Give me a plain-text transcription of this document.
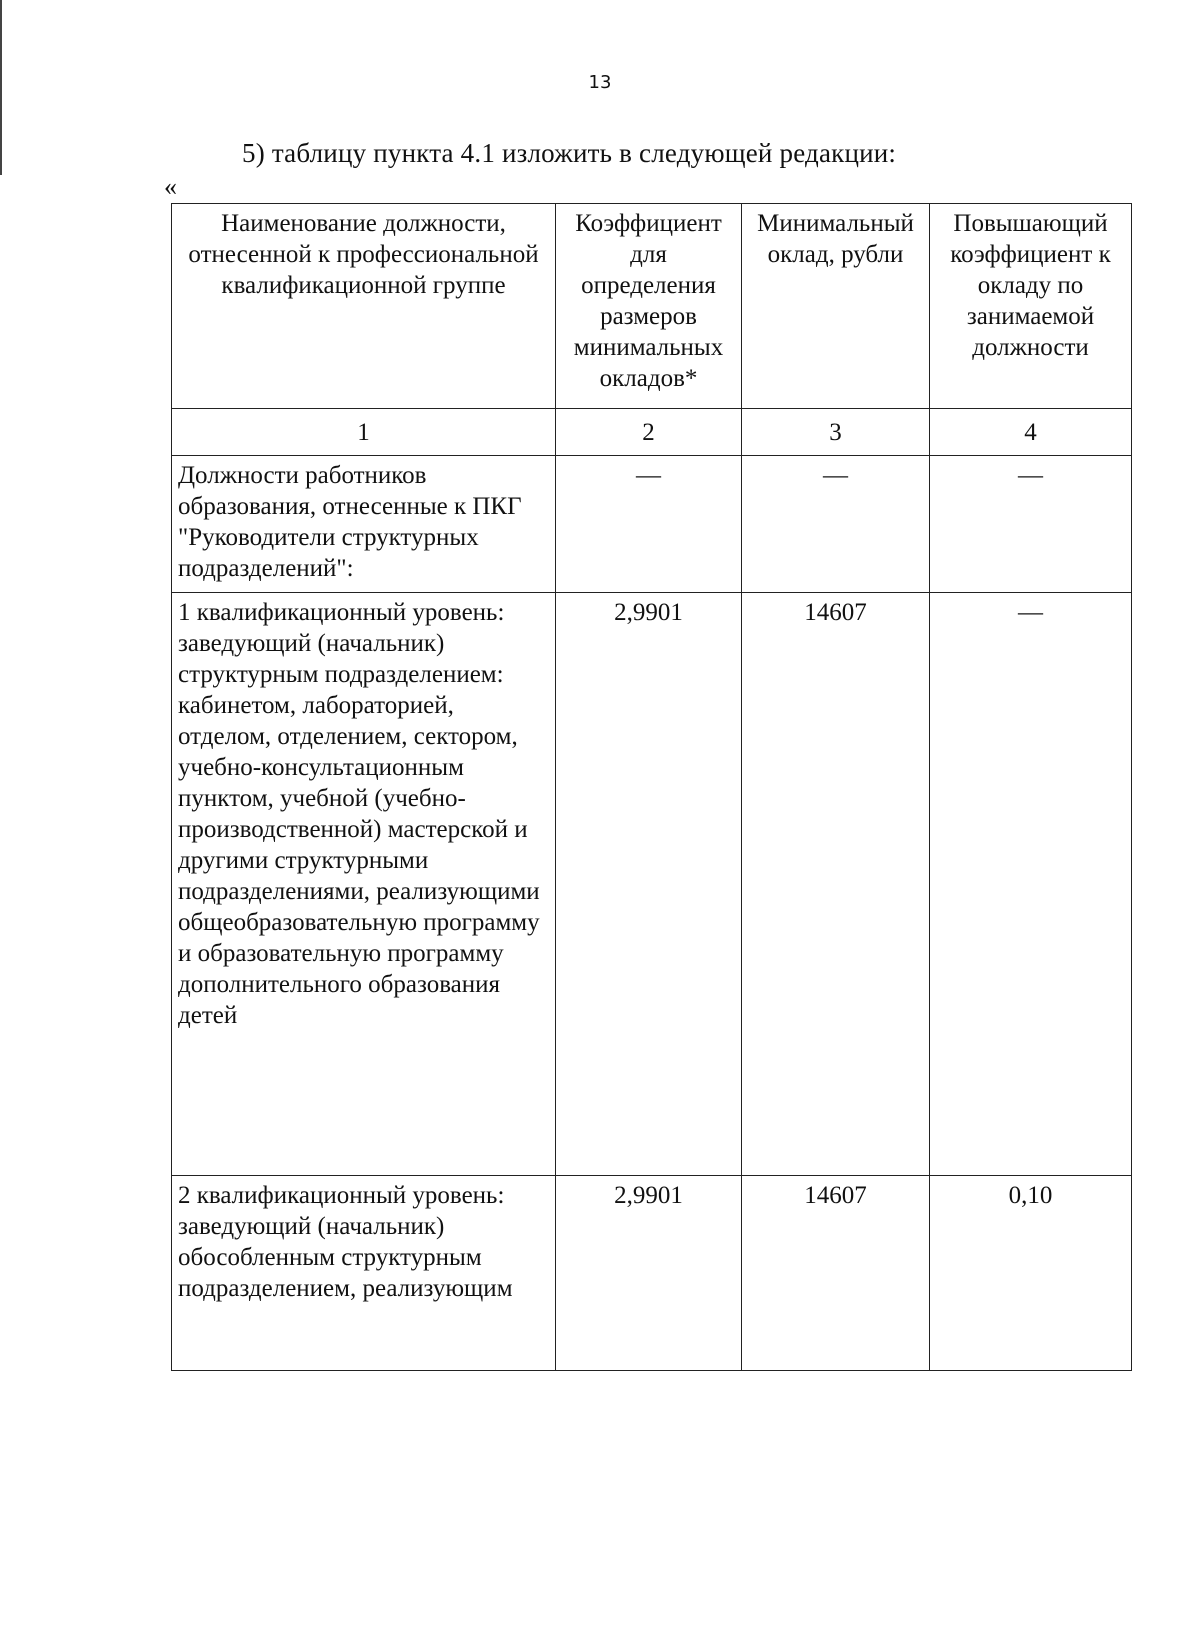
13
5) таблицу пункта 4.1 изложить в следующей редакции:
«
Наименование должности, отнесенной к профессиональной квалификационной группе	Коэффициент для определения размеров минимальных окладов*	Минимальный оклад, рубли	Повышающий коэффициент к окладу по занимаемой должности
1	2	3	4
Должности работников образования, отнесенные к ПКГ "Руководители структурных подразделений":	—	—	—
1 квалификационный уровень: заведующий (начальник) структурным подразделением: кабинетом, лабораторией, отделом, отделением, сектором, учебно-консультационным пунктом, учебной (учебно-производственной) мастерской и другими структурными подразделениями, реализующими общеобразовательную программу и образовательную программу дополнительного образования детей	2,9901	14607	—
2 квалификационный уровень: заведующий (начальник) обособленным структурным подразделением, реализующим	2,9901	14607	0,10
